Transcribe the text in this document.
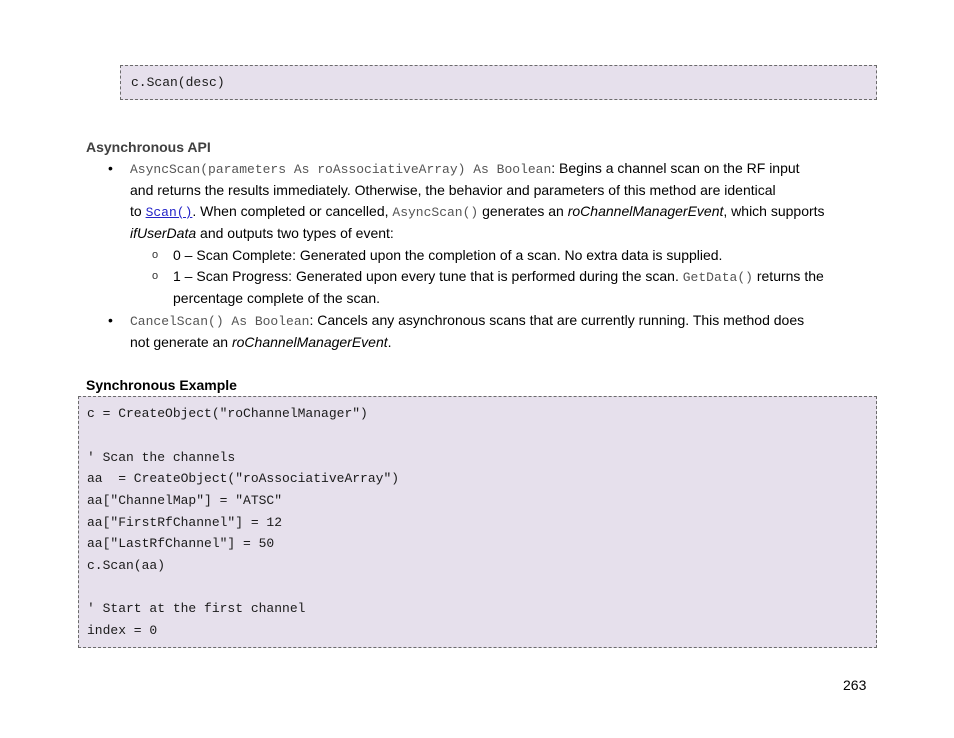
c.Scan(desc)
Asynchronous API
• AsyncScan(parameters As roAssociativeArray) As Boolean: Begins a channel scan on the RF input
and returns the results immediately. Otherwise, the behavior and parameters of this method are identical
to Scan(). When completed or cancelled, AsyncScan() generates an roChannelManagerEvent, which supports
ifUserData and outputs two types of event:
o 0 – Scan Complete: Generated upon the completion of a scan. No extra data is supplied.
o 1 – Scan Progress: Generated upon every tune that is performed during the scan. GetData() returns the
percentage complete of the scan.
• CancelScan() As Boolean: Cancels any asynchronous scans that are currently running. This method does
not generate an roChannelManagerEvent.
Synchronous Example
c = CreateObject("roChannelManager")
' Scan the channels
aa  = CreateObject("roAssociativeArray")
aa["ChannelMap"] = "ATSC"
aa["FirstRfChannel"] = 12
aa["LastRfChannel"] = 50
c.Scan(aa)
' Start at the first channel
index = 0
263
